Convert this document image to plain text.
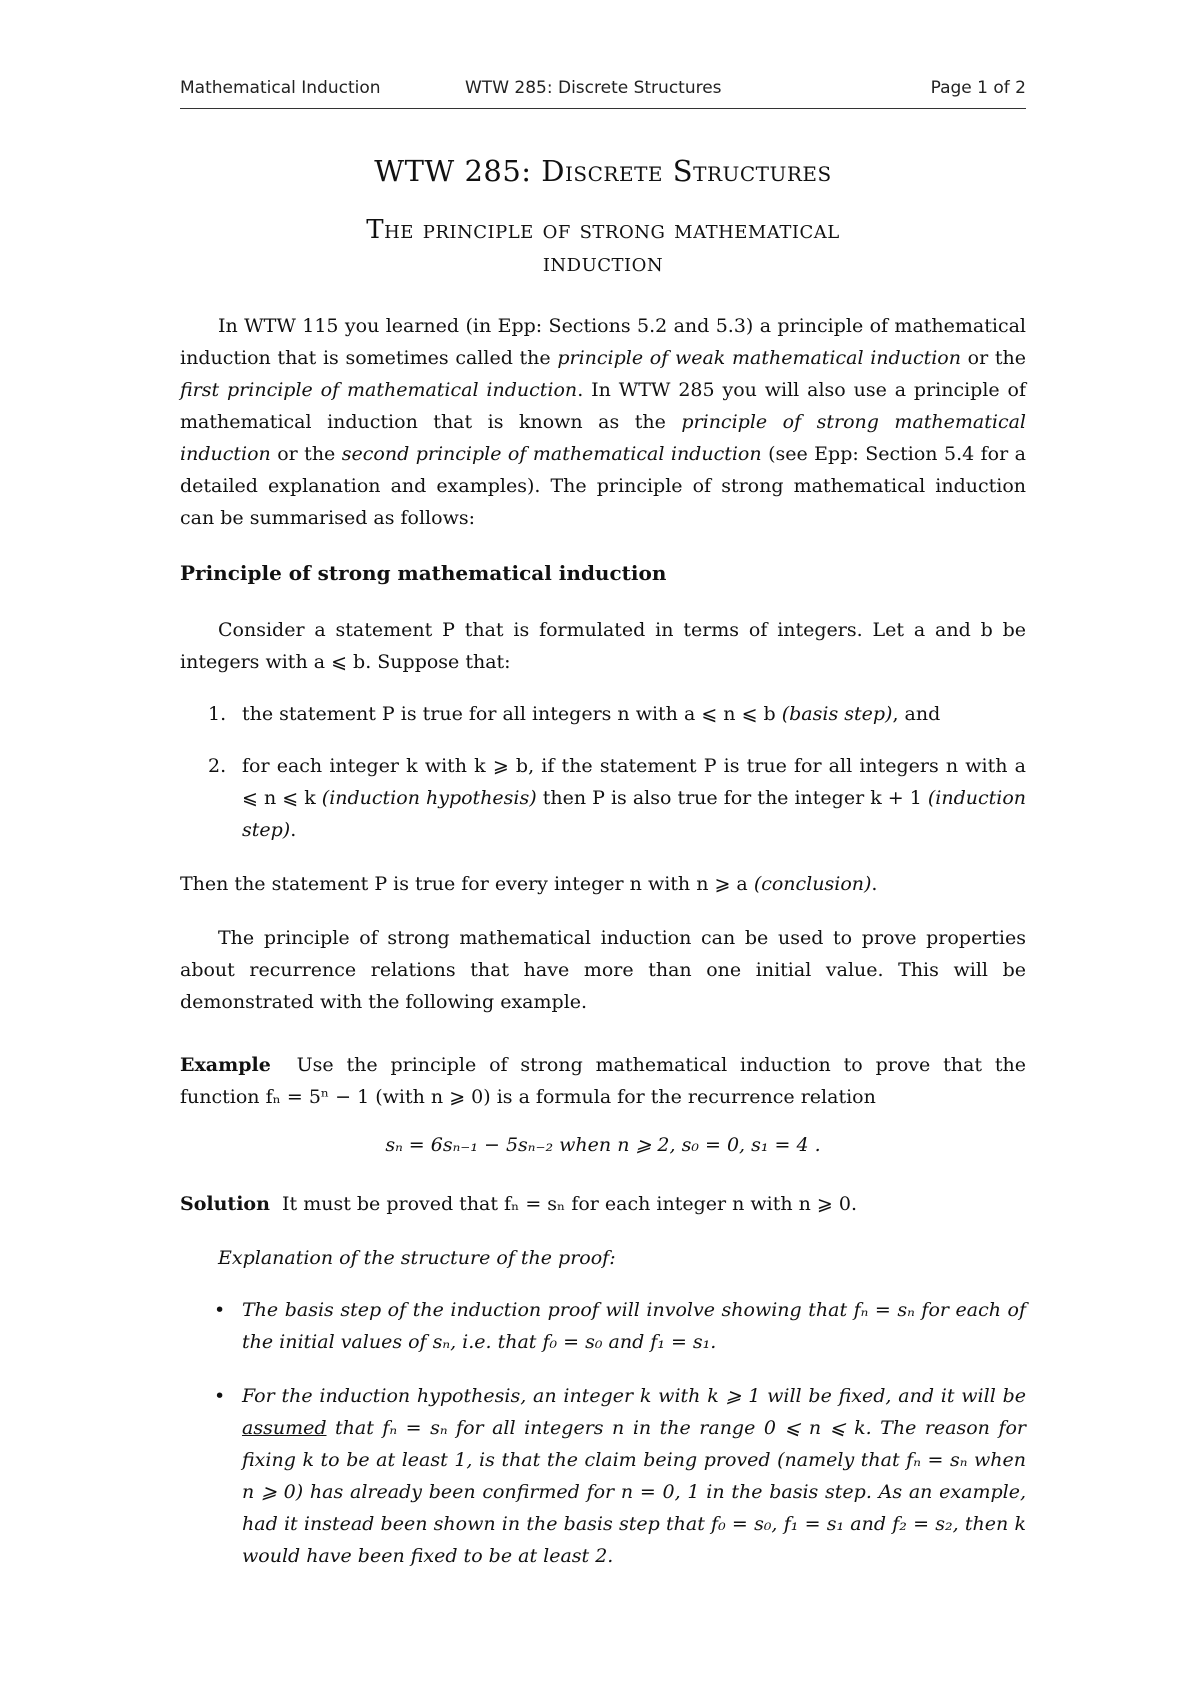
Mathematical Induction	WTW 285: Discrete Structures	Page 1 of 2
WTW 285: Discrete Structures
The principle of strong mathematical
induction

In WTW 115 you learned (in Epp: Sections 5.2 and 5.3) a principle of mathematical induction that is sometimes called the principle of weak mathematical induction or the first principle of mathematical induction. In WTW 285 you will also use a principle of mathematical induction that is known as the principle of strong mathematical induction or the second principle of mathematical induction (see Epp: Section 5.4 for a detailed explanation and examples). The principle of strong mathematical induction can be summarised as follows:

Principle of strong mathematical induction

Consider a statement P that is formulated in terms of integers. Let a and b be integers with a ⩽ b. Suppose that:

1. the statement P is true for all integers n with a ⩽ n ⩽ b (basis step), and
2. for each integer k with k ⩾ b, if the statement P is true for all integers n with a ⩽ n ⩽ k (induction hypothesis) then P is also true for the integer k + 1 (induction step).

Then the statement P is true for every integer n with n ⩾ a (conclusion).

The principle of strong mathematical induction can be used to prove properties about recurrence relations that have more than one initial value. This will be demonstrated with the following example.

Example Use the principle of strong mathematical induction to prove that the function fₙ = 5ⁿ − 1 (with n ⩾ 0) is a formula for the recurrence relation

sₙ = 6sₙ₋₁ − 5sₙ₋₂ when n ⩾ 2, s₀ = 0, s₁ = 4 .

Solution It must be proved that fₙ = sₙ for each integer n with n ⩾ 0.

Explanation of the structure of the proof:

• The basis step of the induction proof will involve showing that fₙ = sₙ for each of the initial values of sₙ, i.e. that f₀ = s₀ and f₁ = s₁.
• For the induction hypothesis, an integer k with k ⩾ 1 will be fixed, and it will be assumed that fₙ = sₙ for all integers n in the range 0 ⩽ n ⩽ k. The reason for fixing k to be at least 1, is that the claim being proved (namely that fₙ = sₙ when n ⩾ 0) has already been confirmed for n = 0, 1 in the basis step. As an example, had it instead been shown in the basis step that f₀ = s₀, f₁ = s₁ and f₂ = s₂, then k would have been fixed to be at least 2.
